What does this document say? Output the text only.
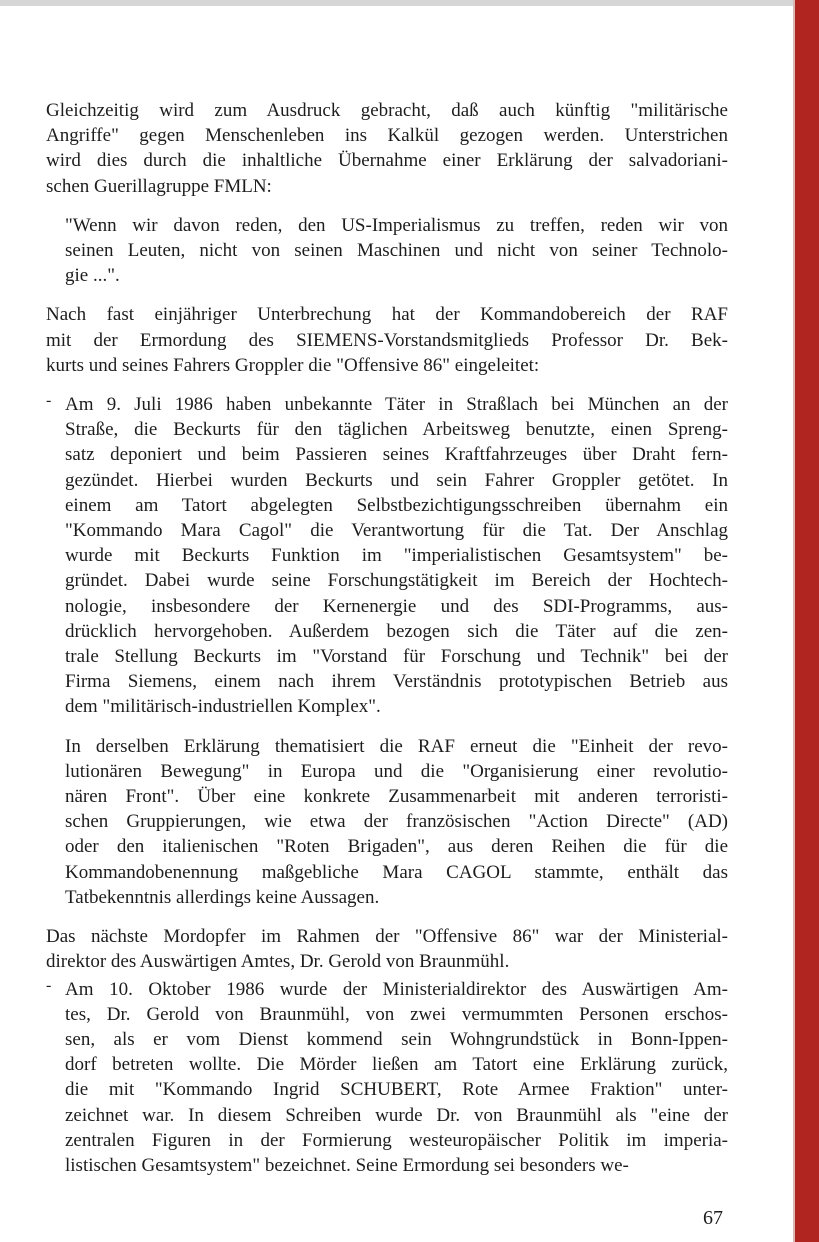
Gleichzeitig wird zum Ausdruck gebracht, daß auch künftig "militärische
Angriffe" gegen Menschenleben ins Kalkül gezogen werden. Unterstrichen
wird dies durch die inhaltliche Übernahme einer Erklärung der salvadoriani-
schen Guerillagruppe FMLN:

"Wenn wir davon reden, den US-Imperialismus zu treffen, reden wir von
seinen Leuten, nicht von seinen Maschinen und nicht von seiner Technolo-
gie ...".

Nach fast einjähriger Unterbrechung hat der Kommandobereich der RAF
mit der Ermordung des SIEMENS-Vorstandsmitglieds Professor Dr. Bek-
kurts und seines Fahrers Groppler die "Offensive 86" eingeleitet:

- Am 9. Juli 1986 haben unbekannte Täter in Straßlach bei München an der
Straße, die Beckurts für den täglichen Arbeitsweg benutzte, einen Spreng-
satz deponiert und beim Passieren seines Kraftfahrzeuges über Draht fern-
gezündet. Hierbei wurden Beckurts und sein Fahrer Groppler getötet. In
einem am Tatort abgelegten Selbstbezichtigungsschreiben übernahm ein
"Kommando Mara Cagol" die Verantwortung für die Tat. Der Anschlag
wurde mit Beckurts Funktion im "imperialistischen Gesamtsystem" be-
gründet. Dabei wurde seine Forschungstätigkeit im Bereich der Hochtech-
nologie, insbesondere der Kernenergie und des SDI-Programms, aus-
drücklich hervorgehoben. Außerdem bezogen sich die Täter auf die zen-
trale Stellung Beckurts im "Vorstand für Forschung und Technik" bei der
Firma Siemens, einem nach ihrem Verständnis prototypischen Betrieb aus
dem "militärisch-industriellen Komplex".

In derselben Erklärung thematisiert die RAF erneut die "Einheit der revo-
lutionären Bewegung" in Europa und die "Organisierung einer revolutio-
nären Front". Über eine konkrete Zusammenarbeit mit anderen terroristi-
schen Gruppierungen, wie etwa der französischen "Action Directe" (AD)
oder den italienischen "Roten Brigaden", aus deren Reihen die für die
Kommandobenennung maßgebliche Mara CAGOL stammte, enthält das
Tatbekenntnis allerdings keine Aussagen.

Das nächste Mordopfer im Rahmen der "Offensive 86" war der Ministerial-
direktor des Auswärtigen Amtes, Dr. Gerold von Braunmühl.

- Am 10. Oktober 1986 wurde der Ministerialdirektor des Auswärtigen Am-
tes, Dr. Gerold von Braunmühl, von zwei vermummten Personen erschos-
sen, als er vom Dienst kommend sein Wohngrundstück in Bonn-Ippen-
dorf betreten wollte. Die Mörder ließen am Tatort eine Erklärung zurück,
die mit "Kommando Ingrid SCHUBERT, Rote Armee Fraktion" unter-
zeichnet war. In diesem Schreiben wurde Dr. von Braunmühl als "eine der
zentralen Figuren in der Formierung westeuropäischer Politik im imperia-
listischen Gesamtsystem" bezeichnet. Seine Ermordung sei besonders we-

67
